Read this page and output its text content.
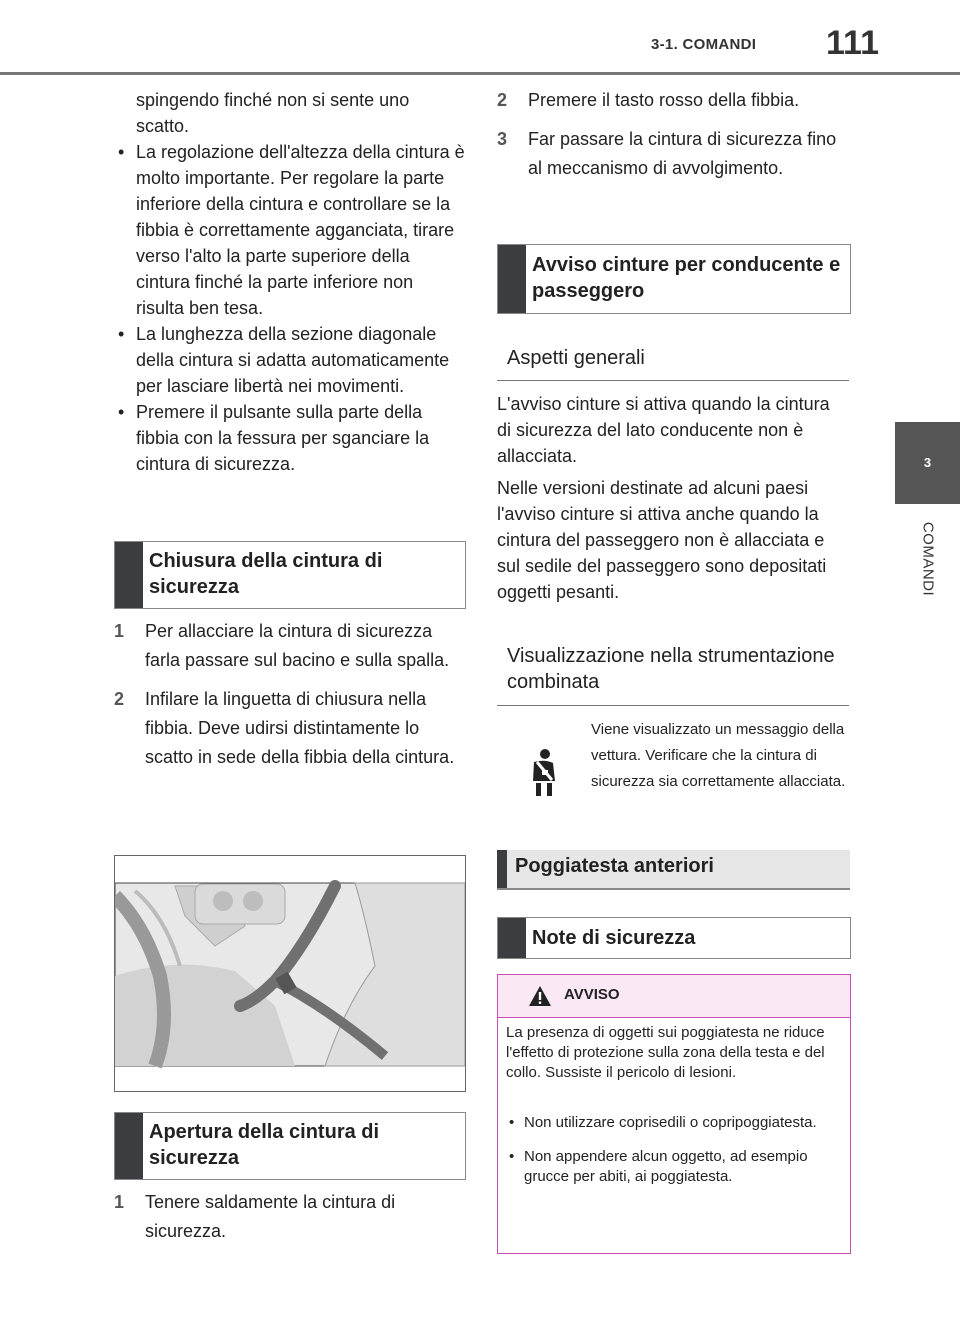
3-1. COMANDI 111
3
COMANDI
spingendo finché non si sente uno scatto.
• La regolazione dell'altezza della cintura è molto importante. Per regolare la parte inferiore della cintura e controllare se la fibbia è correttamente agganciata, tirare verso l'alto la parte superiore della cintura finché la parte inferiore non risulta ben tesa.
• La lunghezza della sezione diagonale della cintura si adatta automaticamente per lasciare libertà nei movimenti.
• Premere il pulsante sulla parte della fibbia con la fessura per sganciare la cintura di sicurezza.
Chiusura della cintura di sicurezza
1 Per allacciare la cintura di sicurezza farla passare sul bacino e sulla spalla.
2 Infilare la linguetta di chiusura nella fibbia. Deve udirsi distintamente lo scatto in sede della fibbia della cintura.
Apertura della cintura di sicurezza
1 Tenere saldamente la cintura di sicurezza.
2 Premere il tasto rosso della fibbia.
3 Far passare la cintura di sicurezza fino al meccanismo di avvolgimento.
Avviso cinture per conducente e passeggero
Aspetti generali
L'avviso cinture si attiva quando la cintura di sicurezza del lato conducente non è allacciata.
Nelle versioni destinate ad alcuni paesi l'avviso cinture si attiva anche quando la cintura del passeggero non è allacciata e sul sedile del passeggero sono depositati oggetti pesanti.
Visualizzazione nella strumentazione combinata
Viene visualizzato un messaggio della vettura. Verificare che la cintura di sicurezza sia correttamente allacciata.
Poggiatesta anteriori
Note di sicurezza
AVVISO
La presenza di oggetti sui poggiatesta ne riduce l'effetto di protezione sulla zona della testa e del collo. Sussiste il pericolo di lesioni.
• Non utilizzare coprisedili o copripoggiatesta.
• Non appendere alcun oggetto, ad esempio grucce per abiti, ai poggiatesta.
